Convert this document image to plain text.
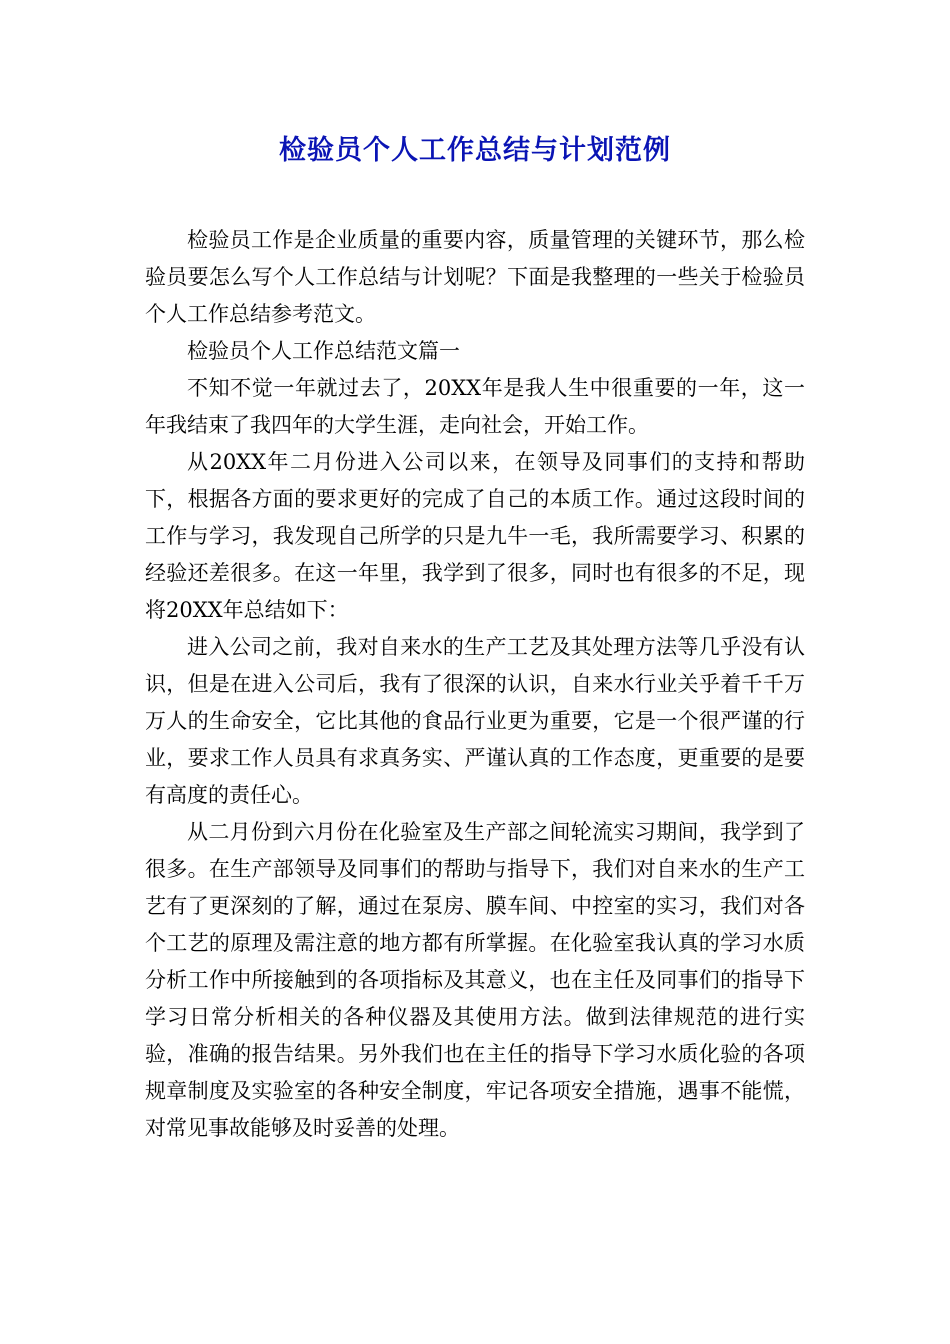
检验员个人工作总结与计划范例

检验员工作是企业质量的重要内容，质量管理的关键环节，那么检验员要怎么写个人工作总结与计划呢？下面是我整理的一些关于检验员个人工作总结参考范文。

检验员个人工作总结范文篇一

不知不觉一年就过去了，20XX年是我人生中很重要的一年，这一年我结束了我四年的大学生涯，走向社会，开始工作。

从20XX年二月份进入公司以来，在领导及同事们的支持和帮助下，根据各方面的要求更好的完成了自己的本质工作。通过这段时间的工作与学习，我发现自己所学的只是九牛一毛，我所需要学习、积累的经验还差很多。在这一年里，我学到了很多，同时也有很多的不足，现将20XX年总结如下：

进入公司之前，我对自来水的生产工艺及其处理方法等几乎没有认识，但是在进入公司后，我有了很深的认识，自来水行业关乎着千千万万人的生命安全，它比其他的食品行业更为重要，它是一个很严谨的行业，要求工作人员具有求真务实、严谨认真的工作态度，更重要的是要有高度的责任心。

从二月份到六月份在化验室及生产部之间轮流实习期间，我学到了很多。在生产部领导及同事们的帮助与指导下，我们对自来水的生产工艺有了更深刻的了解，通过在泵房、膜车间、中控室的实习，我们对各个工艺的原理及需注意的地方都有所掌握。在化验室我认真的学习水质分析工作中所接触到的各项指标及其意义，也在主任及同事们的指导下学习日常分析相关的各种仪器及其使用方法。做到法律规范的进行实验，准确的报告结果。另外我们也在主任的指导下学习水质化验的各项规章制度及实验室的各种安全制度，牢记各项安全措施，遇事不能慌，对常见事故能够及时妥善的处理。
